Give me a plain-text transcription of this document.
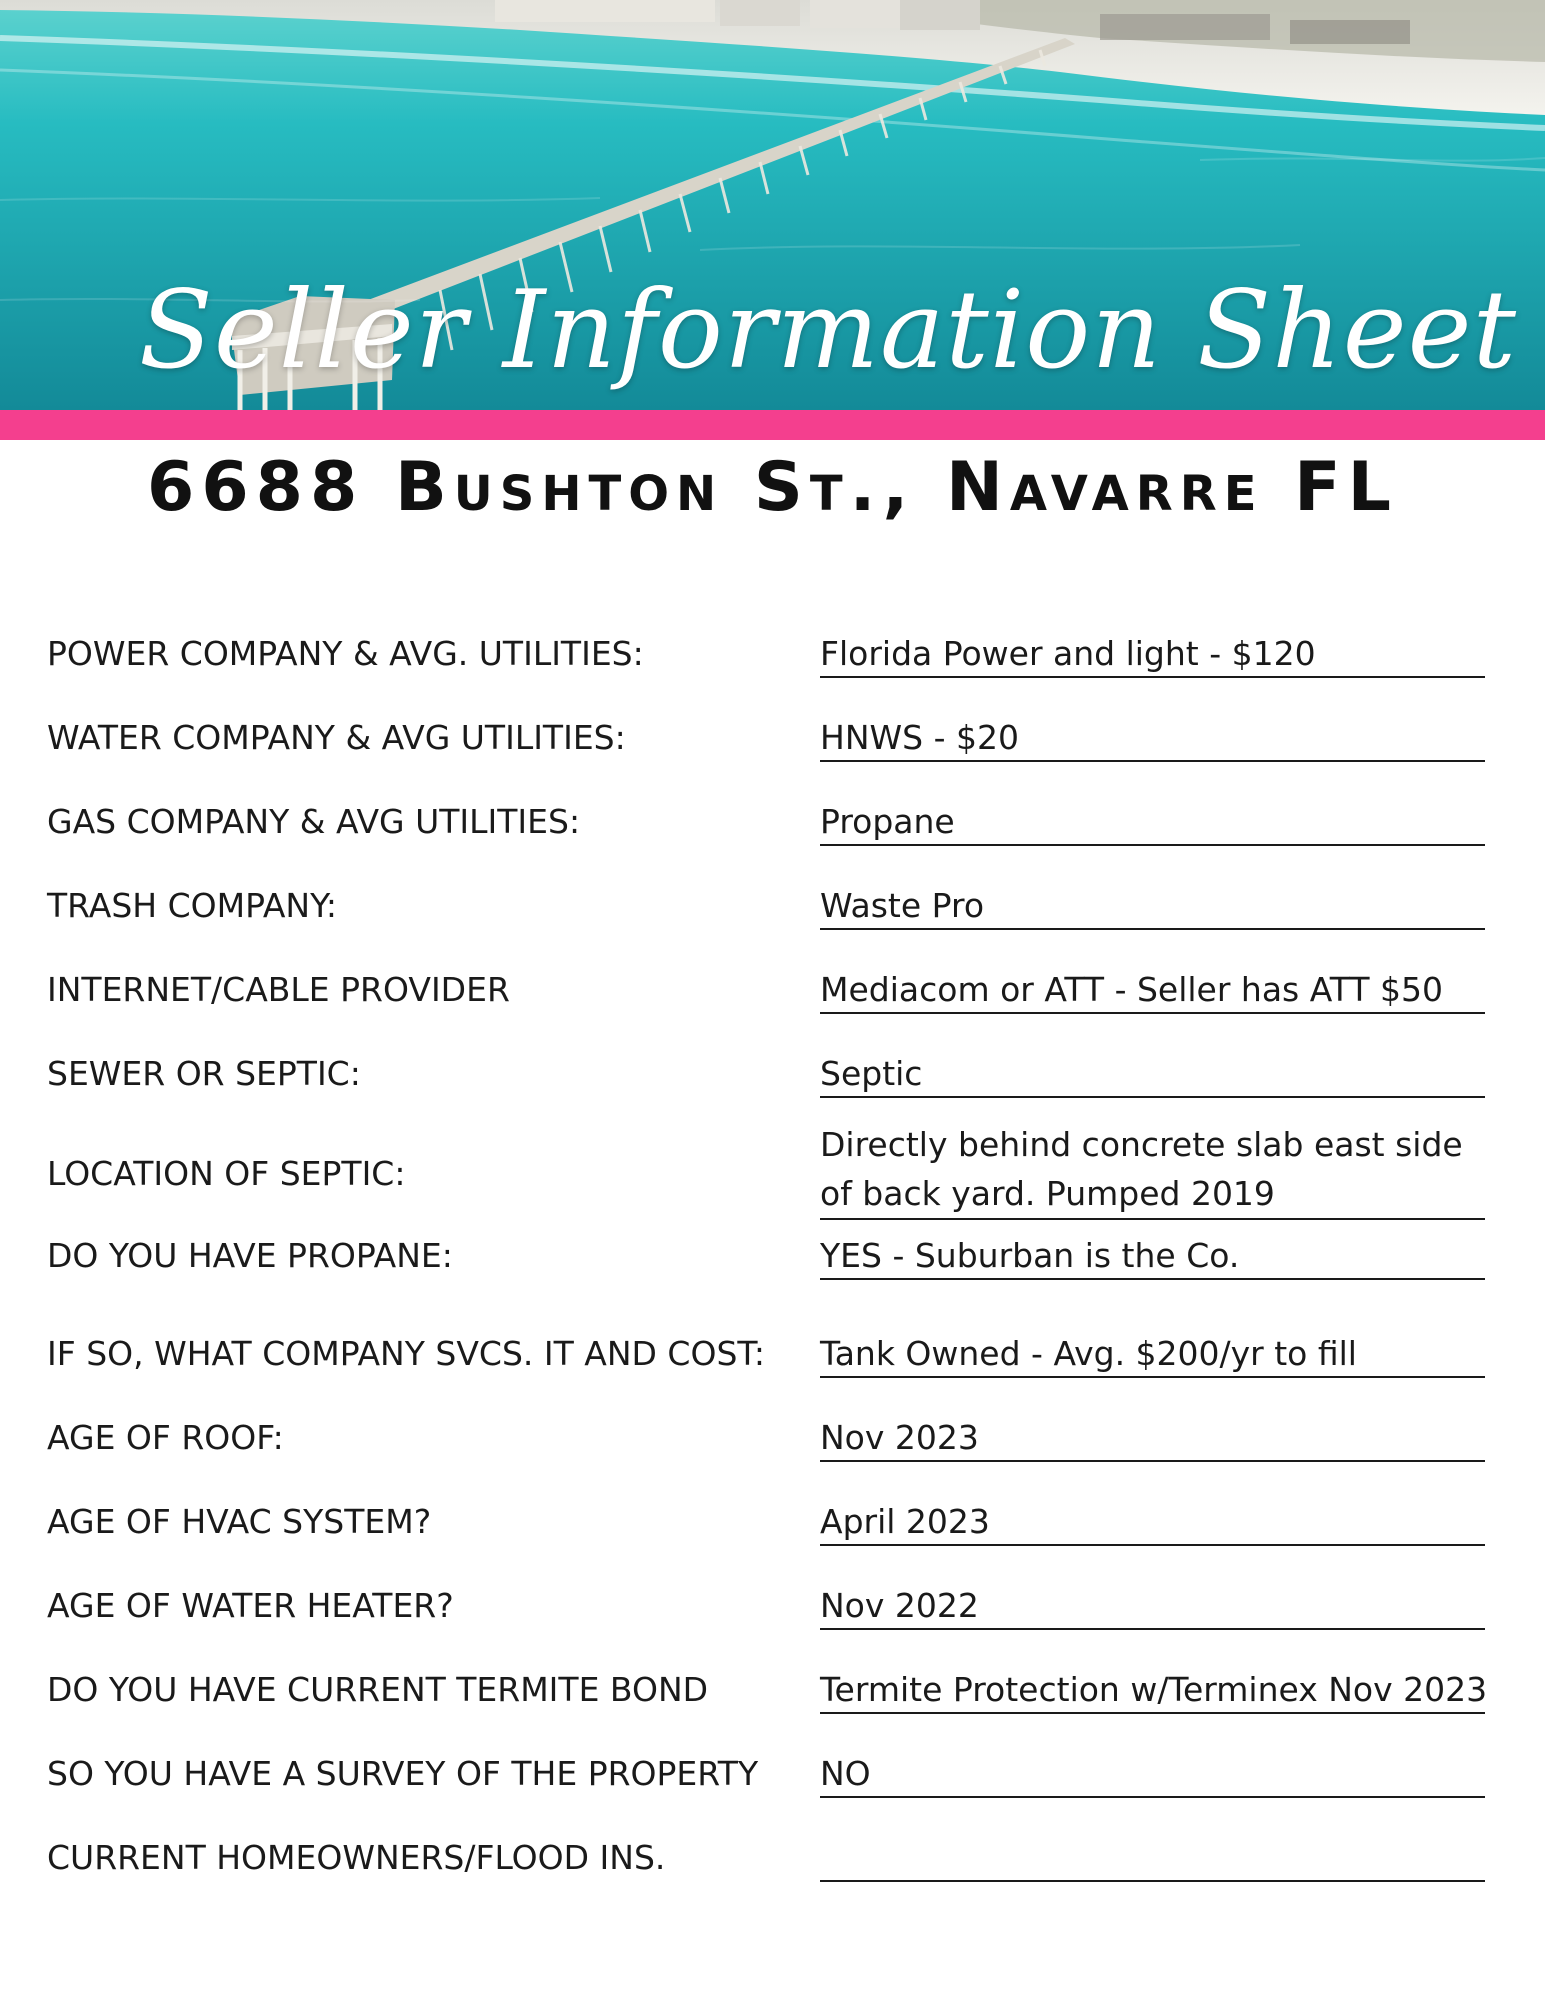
Seller Information Sheet
6688 Bushton St., Navarre FL
POWER COMPANY & AVG. UTILITIES:	Florida Power and light - $120
WATER COMPANY & AVG UTILITIES:	HNWS - $20
GAS COMPANY & AVG UTILITIES:	Propane
TRASH COMPANY:	Waste Pro
INTERNET/CABLE PROVIDER	Mediacom or ATT - Seller has ATT $50
SEWER OR SEPTIC:	Septic
LOCATION OF SEPTIC:
Directly behind concrete slab east side of back yard. Pumped 2019
DO YOU HAVE PROPANE:	YES - Suburban is the Co.
IF SO, WHAT COMPANY SVCS. IT AND COST: Tank Owned - Avg. $200/yr to fill
AGE OF ROOF:	Nov 2023
AGE OF HVAC SYSTEM?	April 2023
AGE OF WATER HEATER?	Nov 2022
DO YOU HAVE CURRENT TERMITE BOND	Termite Protection w/Terminex Nov 2023
SO YOU HAVE A SURVEY OF THE PROPERTY NO
CURRENT HOMEOWNERS/FLOOD INS.
